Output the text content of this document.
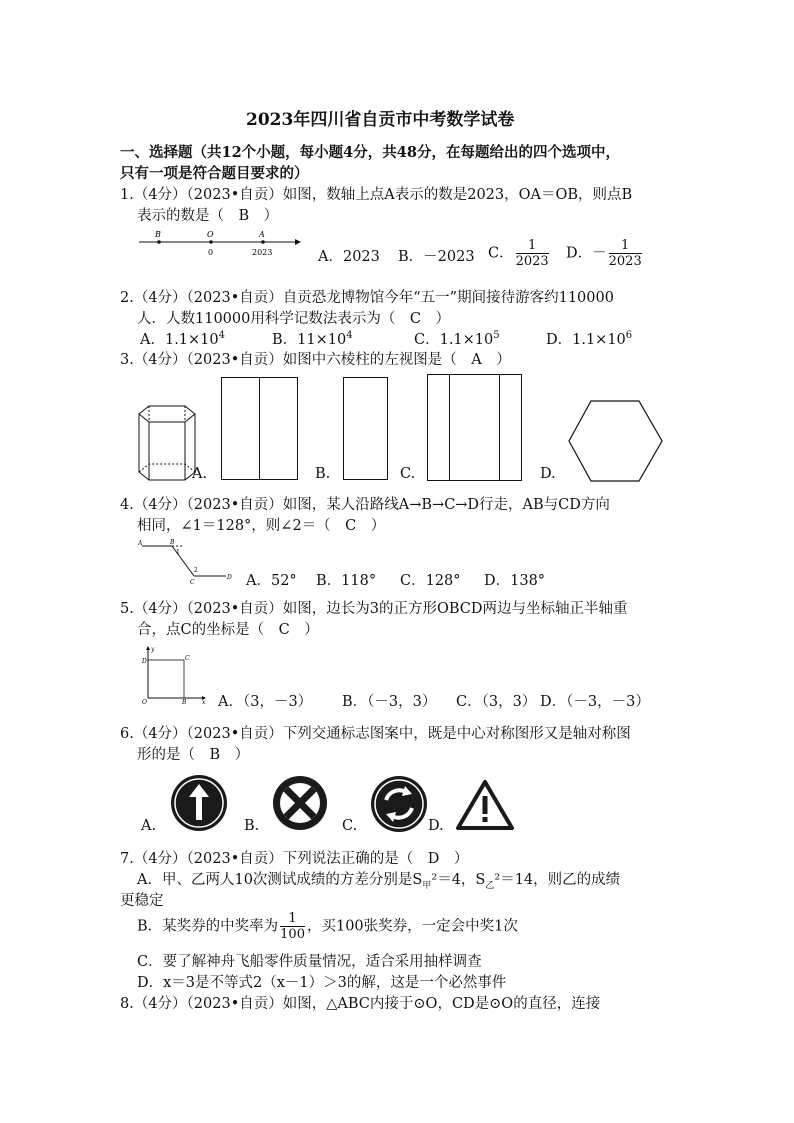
2023年四川省自贡市中考数学试卷
一、选择题（共12个小题，每小题4分，共48分，在每题给出的四个选项中，
只有一项是符合题目要求的）
1.（4分）（2023•自贡）如图，数轴上点A表示的数是2023，OA＝OB，则点B
表示的数是（　B　）
B	O	A
0	2023	A．2023 B．－2023 C． $\frac{1}{2023}$ D．－ $\frac{1}{2023}$
2.（4分）（2023•自贡）自贡恐龙博物馆今年“五一”期间接待游客约110000
人．人数110000用科学记数法表示为（　C　）
A．$1.1\times 10^4$	B．$11\times 10^4$	C．$1.1\times 10^5$	D．$1.1\times 10^6$
3.（4分）（2023•自贡）如图中六棱柱的左视图是（　A　）
A.	B.	C.	D.
4.（4分）（2023•自贡）如图，某人沿路线A→B→C→D行走，AB与CD方向
相同，∠1＝128°，则∠2＝（　C　）
A	B
1
2
C
D A．52° B．118° C．128° D．138°
5.（4分）（2023•自贡）如图，边长为3的正方形OBCD两边与坐标轴正半轴重
合，点C的坐标是（　C　）
y
D	C
O	B	x A．（3，－3） B．（－3，3） C．（3，3） D．（－3，－3）
6.（4分）（2023•自贡）下列交通标志图案中，既是中心对称图形又是轴对称图
形的是（　B　）
A.	B.	C.	D.
7.（4分）（2023•自贡）下列说法正确的是（　D　）
A．甲、乙两人10次测试成绩的方差分别是$S_甲^2=4$，$S_乙^2=14$，则乙的成绩
更稳定
B．某奖券的中奖率为 $\frac{1}{100}$ ，买100张奖券，一定会中奖1次
C．要了解神舟飞船零件质量情况，适合采用抽样调查
D．x＝3是不等式2（x－1）＞3的解，这是一个必然事件
8.（4分）（2023•自贡）如图，△ABC内接于⊙O，CD是⊙O的直径，连接
